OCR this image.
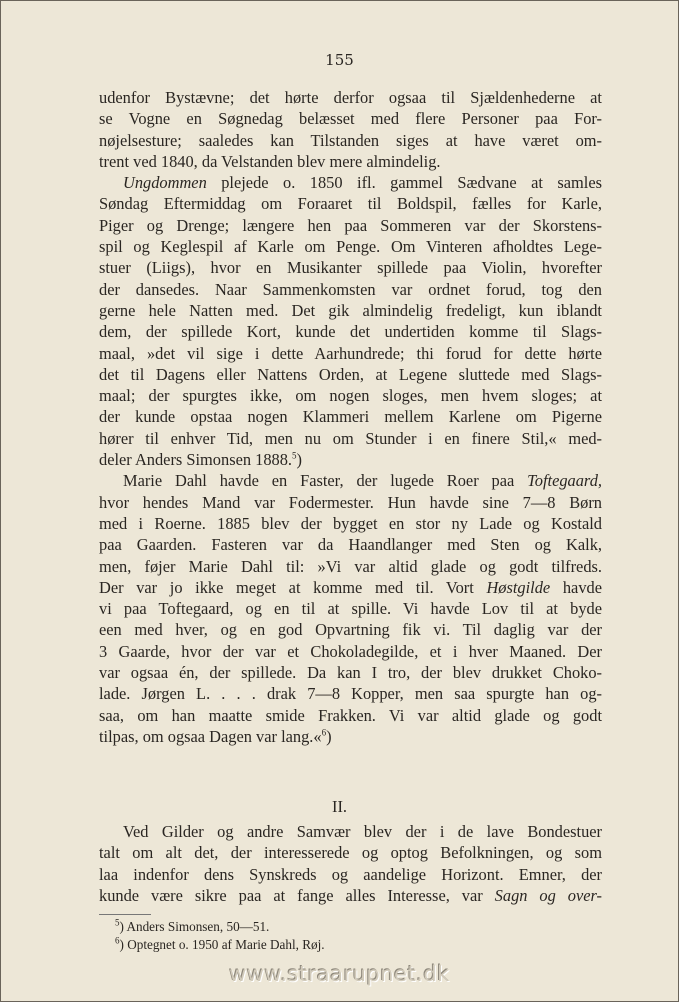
155
udenfor Bystævne; det hørte derfor ogsaa til Sjældenhederne at
se Vogne en Søgnedag belæsset med flere Personer paa For-
nøjelsesture; saaledes kan Tilstanden siges at have været om-
trent ved 1840, da Velstanden blev mere almindelig.
Ungdommen plejede o. 1850 ifl. gammel Sædvane at samles
Søndag Eftermiddag om Foraaret til Boldspil, fælles for Karle,
Piger og Drenge; længere hen paa Sommeren var der Skorstens-
spil og Keglespil af Karle om Penge. Om Vinteren afholdtes Lege-
stuer (Liigs), hvor en Musikanter spillede paa Violin, hvorefter
der dansedes. Naar Sammenkomsten var ordnet forud, tog den
gerne hele Natten med. Det gik almindelig fredeligt, kun iblandt
dem, der spillede Kort, kunde det undertiden komme til Slags-
maal, »det vil sige i dette Aarhundrede; thi forud for dette hørte
det til Dagens eller Nattens Orden, at Legene sluttede med Slags-
maal; der spurgtes ikke, om nogen sloges, men hvem sloges; at
der kunde opstaa nogen Klammeri mellem Karlene om Pigerne
hører til enhver Tid, men nu om Stunder i en finere Stil,« med-
deler Anders Simonsen 1888.$^5$)
Marie Dahl havde en Faster, der lugede Roer paa Toftegaard,
hvor hendes Mand var Fodermester. Hun havde sine 7—8 Børn
med i Roerne. 1885 blev der bygget en stor ny Lade og Kostald
paa Gaarden. Fasteren var da Haandlanger med Sten og Kalk,
men, føjer Marie Dahl til: »Vi var altid glade og godt tilfreds.
Der var jo ikke meget at komme med til. Vort Høstgilde havde
vi paa Toftegaard, og en til at spille. Vi havde Lov til at byde
een med hver, og en god Opvartning fik vi. Til daglig var der
3 Gaarde, hvor der var et Chokoladegilde, et i hver Maaned. Der
var ogsaa én, der spillede. Da kan I tro, der blev drukket Choko-
lade. Jørgen L. . . . drak 7—8 Kopper, men saa spurgte han og-
saa, om han maatte smide Frakken. Vi var altid glade og godt
tilpas, om ogsaa Dagen var lang.«$^6$)
II.
Ved Gilder og andre Samvær blev der i de lave Bondestuer
talt om alt det, der interesserede og optog Befolkningen, og som
laa indenfor dens Synskreds og aandelige Horizont. Emner, der
kunde være sikre paa at fange alles Interesse, var Sagn og over-
$^5$) Anders Simonsen, 50—51.
$^6$) Optegnet o. 1950 af Marie Dahl, Røj.
www.straarupnet.dk
